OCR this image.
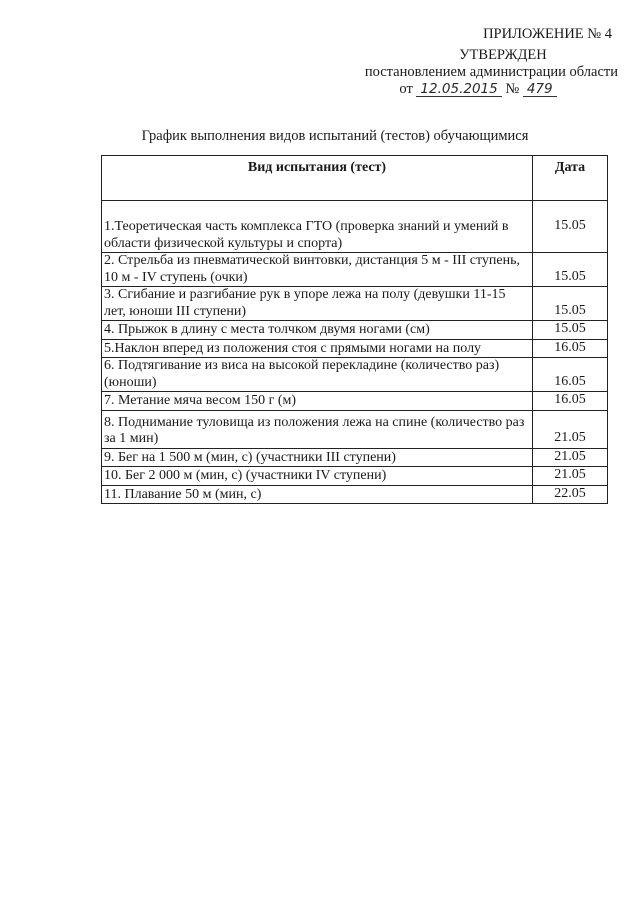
ПРИЛОЖЕНИЕ № 4
УТВЕРЖДЕН
постановлением администрации области
от 12.05.2015 № 479
График выполнения видов испытаний (тестов) обучающимися
Вид испытания (тест)	Дата
1.Теоретическая часть комплекса ГТО (проверка знаний и умений в области физической культуры и спорта)	15.05
2. Стрельба из пневматической винтовки, дистанция 5 м - III ступень, 10 м - IV ступень (очки)	15.05
3. Сгибание и разгибание рук в упоре лежа на полу (девушки 11-15 лет, юноши III ступени)	15.05
4. Прыжок в длину с места толчком двумя ногами (см)	15.05
5.Наклон вперед из положения стоя с прямыми ногами на полу	16.05
6. Подтягивание из виса на высокой перекладине (количество раз) (юноши)	16.05
7. Метание мяча весом 150 г (м)	16.05
8. Поднимание туловища из положения лежа на спине (количество раз за 1 мин)	21.05
9. Бег на 1 500 м (мин, с) (участники III ступени)	21.05
10. Бег 2 000 м (мин, с) (участники IV ступени)	21.05
11. Плавание 50 м (мин, с)	22.05
